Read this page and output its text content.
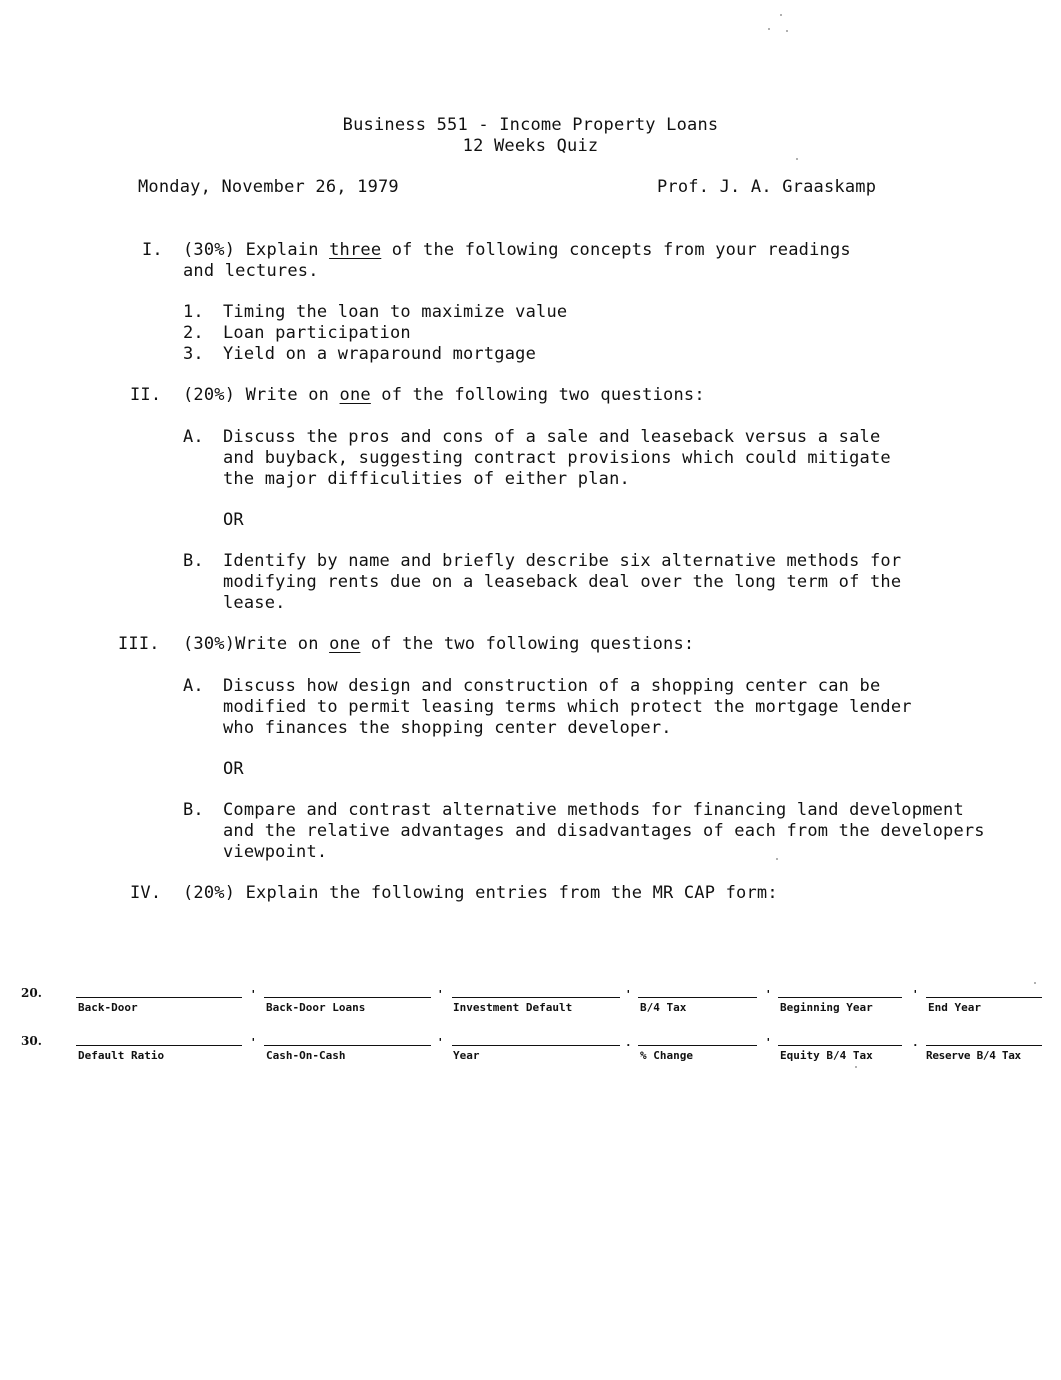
Business 551 - Income Property Loans
12 Weeks Quiz
Monday, November 26, 1979	Prof. J. A. Graaskamp
I. (30%) Explain three of the following concepts from your readings
and lectures.
1. Timing the loan to maximize value
2. Loan participation
3. Yield on a wraparound mortgage
II. (20%) Write on one of the following two questions:
A. Discuss the pros and cons of a sale and leaseback versus a sale
and buyback, suggesting contract provisions which could mitigate
the major difficulities of either plan.
OR
B. Identify by name and briefly describe six alternative methods for
modifying rents due on a leaseback deal over the long term of the
lease.
III. (30%)Write on one of the two following questions:
A. Discuss how design and construction of a shopping center can be
modified to permit leasing terms which protect the mortgage lender
who finances the shopping center developer.
OR
B. Compare and contrast alternative methods for financing land development
and the relative advantages and disadvantages of each from the developers
viewpoint.
IV. (20%) Explain the following entries from the MR CAP form:
20.	'	'	'	'	'
Back-Door	Back-Door Loans	Investment Default	B/4 Tax	Beginning Year	End Year
30.	'	'	.	'	.
Default Ratio	Cash-On-Cash	Year	% Change	Equity B/4 Tax	Reserve B/4 Tax
